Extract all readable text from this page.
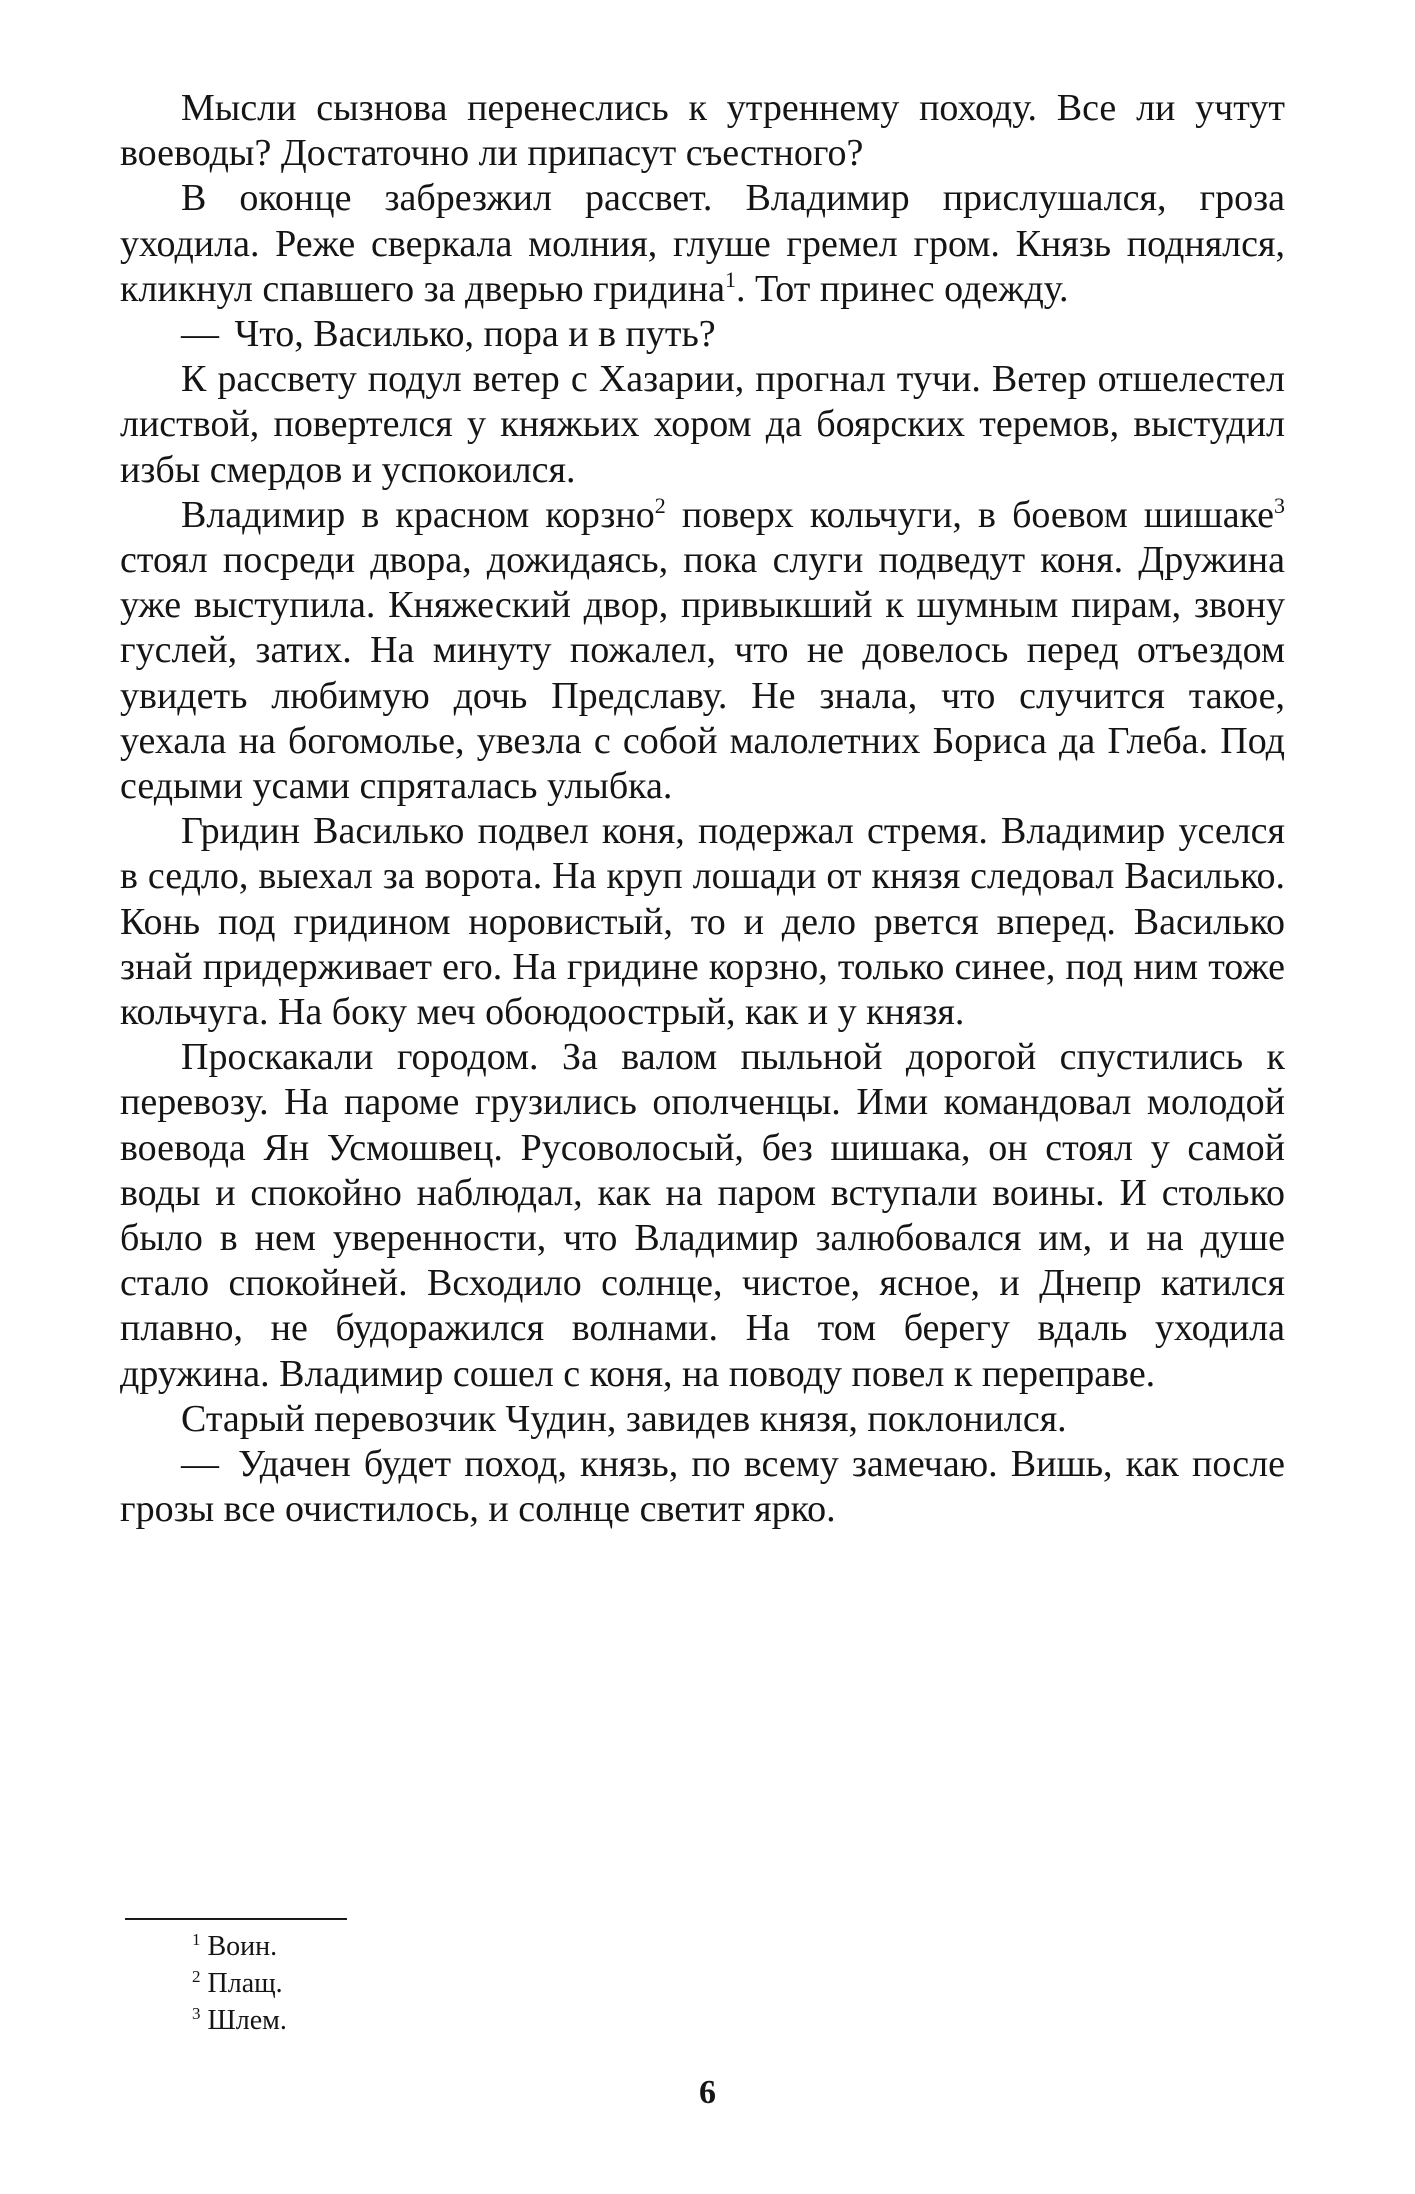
Мысли сызнова перенеслись к утреннему походу. Все ли учтут воеводы? Достаточно ли припасут съестного?

В оконце забрезжил рассвет. Владимир прислушался, гроза уходила. Реже сверкала молния, глуше гремел гром. Князь поднялся, кликнул спавшего за дверью гридина$^1$. Тот принес одежду.

— Что, Василько, пора и в путь?

К рассвету подул ветер с Хазарии, прогнал тучи. Ветер отшелестел листвой, повертелся у княжьих хором да боярских теремов, выстудил избы смердов и успокоился.

Владимир в красном корзно$^2$ поверх кольчуги, в боевом шишаке$^3$ стоял посреди двора, дожидаясь, пока слуги подведут коня. Дружина уже выступила. Княжеский двор, привыкший к шумным пирам, звону гуслей, затих. На минуту пожалел, что не довелось перед отъездом увидеть любимую дочь Предславу. Не знала, что случится такое, уехала на богомолье, увезла с собой малолетних Бориса да Глеба. Под седыми усами спряталась улыбка.

Гридин Василько подвел коня, подержал стремя. Владимир уселся в седло, выехал за ворота. На круп лошади от князя следовал Василько. Конь под гридином норовистый, то и дело рвется вперед. Василько знай придерживает его. На гридине корзно, только синее, под ним тоже кольчуга. На боку меч обоюдоострый, как и у князя.

Проскакали городом. За валом пыльной дорогой спустились к перевозу. На пароме грузились ополченцы. Ими командовал молодой воевода Ян Усмошвец. Русоволосый, без шишака, он стоял у самой воды и спокойно наблюдал, как на паром вступали воины. И столько было в нем уверенности, что Владимир залюбовался им, и на душе стало спокойней. Всходило солнце, чистое, ясное, и Днепр катился плавно, не будоражился волнами. На том берегу вдаль уходила дружина. Владимир сошел с коня, на поводу повел к переправе.

Старый перевозчик Чудин, завидев князя, поклонился.

— Удачен будет поход, князь, по всему замечаю. Вишь, как после грозы все очистилось, и солнце светит ярко.

$^1$ Воин.
$^2$ Плащ.
$^3$ Шлем.
6
